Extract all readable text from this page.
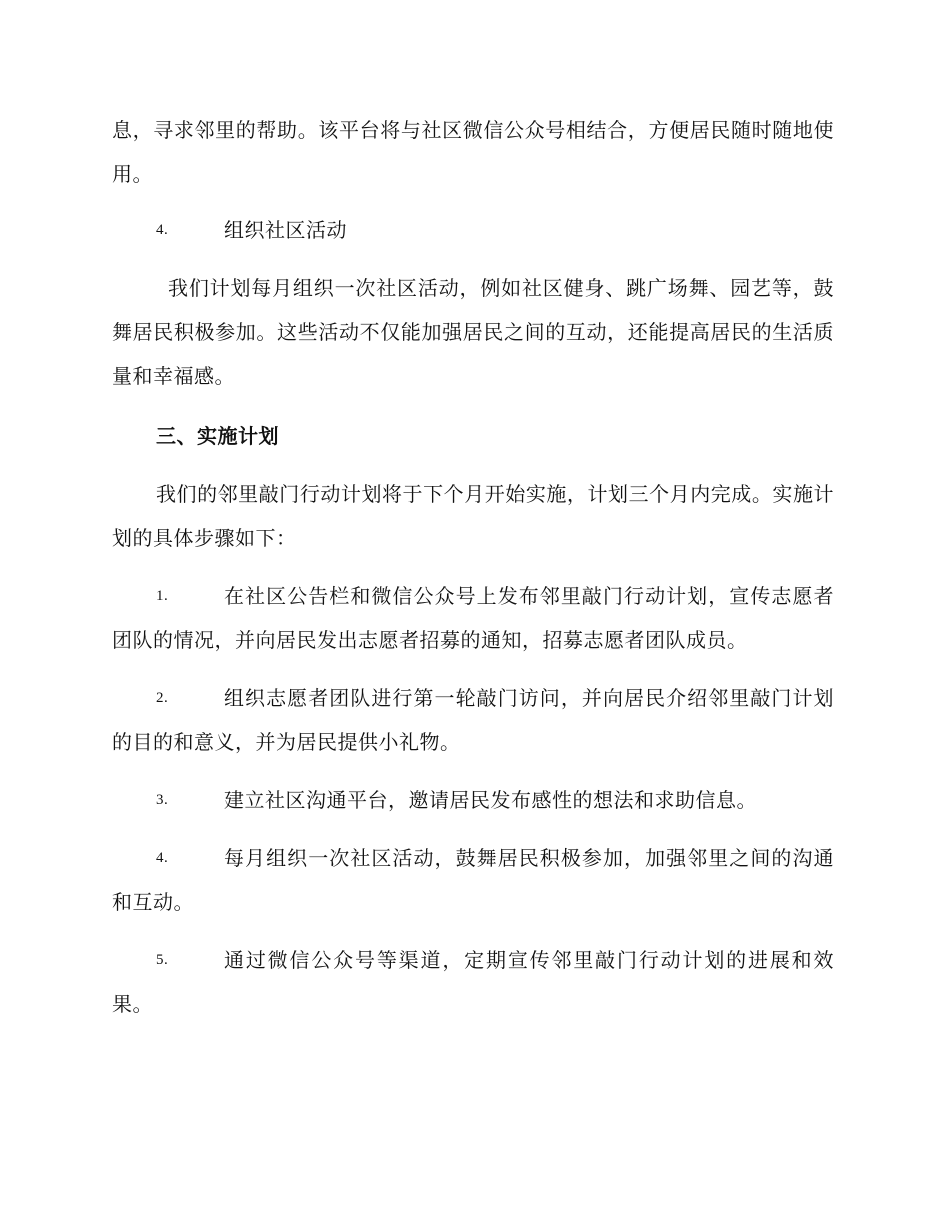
息，寻求邻里的帮助。该平台将与社区微信公众号相结合，方便居民随时随地使用。

4.	组织社区活动

我们计划每月组织一次社区活动，例如社区健身、跳广场舞、园艺等，鼓舞居民积极参加。这些活动不仅能加强居民之间的互动，还能提高居民的生活质量和幸福感。

三、实施计划

我们的邻里敲门行动计划将于下个月开始实施，计划三个月内完成。实施计划的具体步骤如下：

1.	在社区公告栏和微信公众号上发布邻里敲门行动计划，宣传志愿者团队的情况，并向居民发出志愿者招募的通知，招募志愿者团队成员。
2.	组织志愿者团队进行第一轮敲门访问，并向居民介绍邻里敲门计划的目的和意义，并为居民提供小礼物。
3.	建立社区沟通平台，邀请居民发布感性的想法和求助信息。
4.	每月组织一次社区活动，鼓舞居民积极参加，加强邻里之间的沟通和互动。
5.	通过微信公众号等渠道，定期宣传邻里敲门行动计划的进展和效果。
